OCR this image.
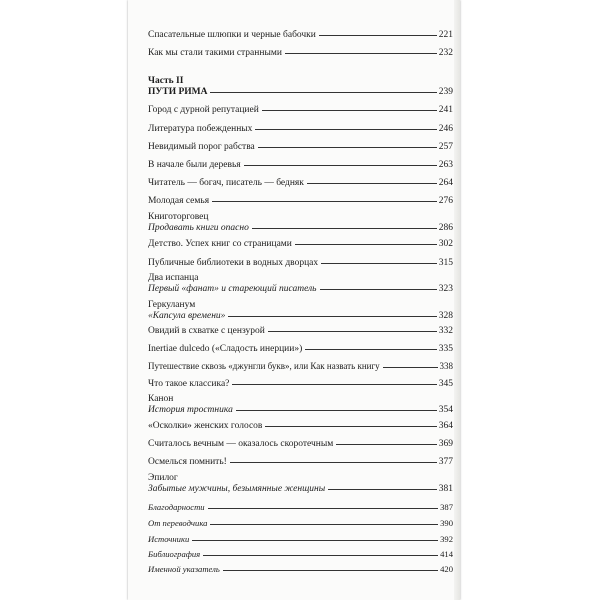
Спасательные шлюпки и черные бабочки	221
Как мы стали такими странными	232
Часть II
ПУТИ РИМА	239
Город с дурной репутацией	241
Литература побежденных	246
Невидимый порог рабства	257
В начале были деревья	263
Читатель — богач, писатель — бедняк	264
Молодая семья	276
Книготорговец
Продавать книги опасно	286
Детство. Успех книг со страницами	302
Публичные библиотеки в водных дворцах	315
Два испанца
Первый «фанат» и стареющий писатель	323
Геркуланум
«Капсула времени»	328
Овидий в схватке с цензурой	332
Inertiae dulcedo («Сладость инерции»)	335
Путешествие сквозь «джунгли букв», или Как назвать книгу	338
Что такое классика?	345
Канон
История тростника	354
«Осколки» женских голосов	364
Считалось вечным — оказалось скоротечным	369
Осмелься помнить!	377
Эпилог
Забытые мужчины, безымянные женщины	381
Благодарности	387
От переводчика	390
Источники	392
Библиография	414
Именной указатель	420
